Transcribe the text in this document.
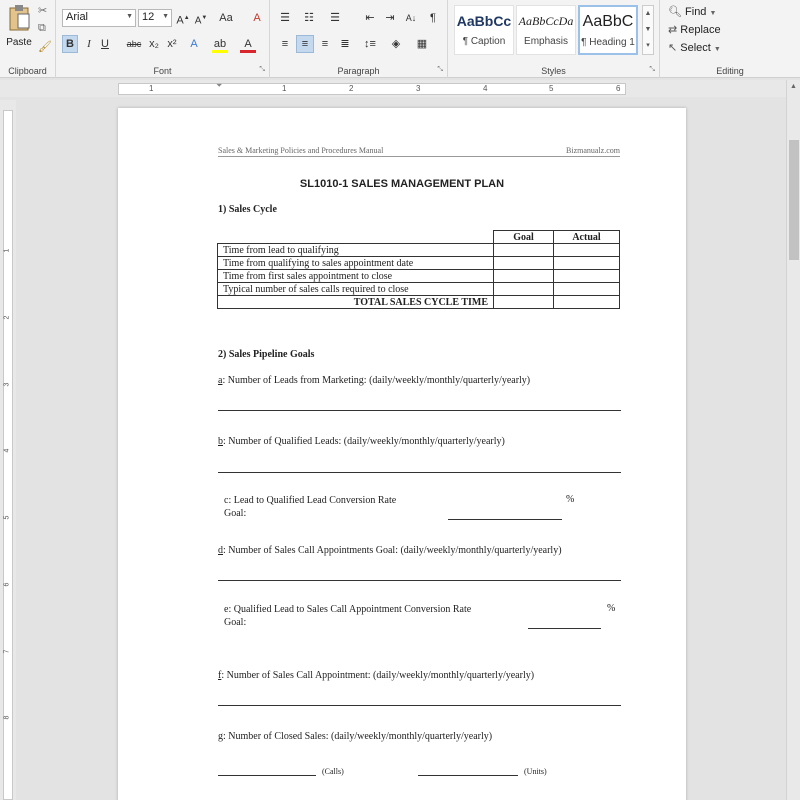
Paste
✂
⧉
🖌
Clipboard
Arial	▼ 12 ▼ A▲ A▼ Aa	A
B	I U	abc x₂ x²	A	ab	A
Font	⤡
☰	☷	☰	⇤ ⇥	A↓	¶
≡	≡	≡	≣	↕≡	◈	▦
Paragraph	⤡
AaBbCc
¶ Caption
AaBbCcDa
Emphasis
AaBbC
¶ Heading 1
▲
▼
▾
Styles	⤡
🔍︎ Find ▼
⇄ Replace
↖ Select ▼
Editing
1	⏷	1	2	3	4	5	6
1
2
3
4
5
6
7
8
▲
Sales & Marketing Policies and Procedures Manual	Bizmanualz.com
SL1010-1 SALES MANAGEMENT PLAN
1) Sales Cycle
	Goal	Actual
Time from lead to qualifying		
Time from qualifying to sales appointment date		
Time from first sales appointment to close		
Typical number of sales calls required to close		
TOTAL SALES CYCLE TIME		
2) Sales Pipeline Goals
a: Number of Leads from Marketing: (daily/weekly/monthly/quarterly/yearly)
b: Number of Qualified Leads: (daily/weekly/monthly/quarterly/yearly)
c: Lead to Qualified Lead Conversion Rate
Goal:
%
d: Number of Sales Call Appointments Goal: (daily/weekly/monthly/quarterly/yearly)
e: Qualified Lead to Sales Call Appointment Conversion Rate
Goal:
%
f: Number of Sales Call Appointment: (daily/weekly/monthly/quarterly/yearly)
g: Number of Closed Sales: (daily/weekly/monthly/quarterly/yearly)
(Calls)	(Units)
